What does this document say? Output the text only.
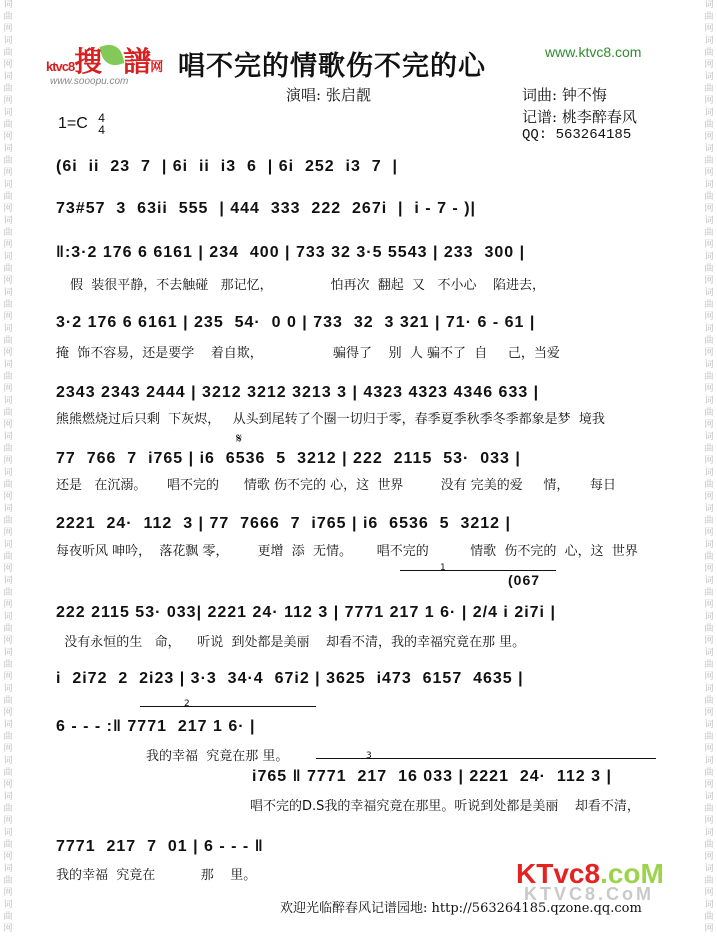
词
曲
网
词
曲
网
词
曲
网
词
曲
网
词
曲
网
词
曲
网
词
曲
网
词
曲
网
词
曲
网
词
曲
网
词
曲
网
词
曲
网
词
曲
网
词
曲
网
词
曲
网
词
曲
网
词
曲
网
词
曲
网
词
曲
网
词
曲
网
词
曲
网
词
曲
网
词
曲
网
词
曲
网
词
曲
网
词
曲
网
词
曲
网
词
曲
网
词
曲
网
词
曲
网
词
曲
网
词
曲
网
词
曲
网
词
曲
网
词
曲
网
词
曲
网
词
曲
网
词
曲
网
词
曲
网
词
曲
网
词
曲
网
词
曲
网
词
曲
网
词
曲
网
词
曲
网
词
曲
网
词
曲
网
词
曲
网
词
曲
网
词
曲
网
词
曲
网
词
曲
网
ktvc8搜 譜网
www.sooopu.com 唱不完的情歌伤不完的心	www.ktvc8.com
演唱: 张启靓	词曲: 钟不悔
记谱: 桃李醉春风
QQ: 563264185
1=C 4
4
(6i  ii  23  7  | 6i  ii  i3  6  | 6i  252  i3  7  |
73#57  3  63ii  555  | 444  333  222  267i  |  i - 7 - )|
‖:3·2 176 6 6161 | 234  400 | 733 32 3·5 5543 | 233  300 |
假  装很平静，不去触碰   那记忆，              怕再次  翻起  又   不小心    陷进去，
3·2 176 6 6161 | 235  54·  0 0 | 733  32  3 321 | 71· 6 - 61 |
掩  饰不容易，还是要学    着自欺，                 骗得了    别  人 骗不了  自     己，当爱
2343 2343 2444 | 3212 3212 3213 3 | 4323 4323 4346 633 |
熊熊燃烧过后只剩  下灰烬，   从头到尾转了个圈一切归于零，春季夏季秋季冬季都象是梦  境我
77  766  7  i765 | i6  6536  5  3212 | 222  2115  53·  033 |
𝄋
还是   在沉溺。     唱不完的      情歌 伤不完的 心，这  世界         没有 完美的爱     情，     每日
2221  24·  112  3 | 77  7666  7  i765 | i6  6536  5  3212 |
每夜听风 呻吟，  落花飘 零，       更增  添  无情。      唱不完的          情歌  伤不完的  心，这  世界
1
(067
222 2115 53· 033| 2221 24· 112 3 | 7771 217 1 6· | 2/4 i 2i7i |
没有永恒的生   命，    听说  到处都是美丽    却看不清，我的幸福究竟在那 里。
i  2i72  2  2i23 | 3·3  34·4  67i2 | 3625  i473  6157  4635 |
2
6 - - - :‖ 7771  217 1 6· |
我的幸福  究竟在那 里。	3
i765 ‖ 7771  217  16 033 | 2221  24·  112 3 |
唱不完的D.S我的幸福究竟在那里。听说到处都是美丽    却看不清，
7771  217  7  01 | 6 - - - ‖
我的幸福  究竟在           那    里。	KTvc8.coM
KTVC8.CoM
欢迎光临醉春风记谱园地: http://563264185.qzone.qq.com
